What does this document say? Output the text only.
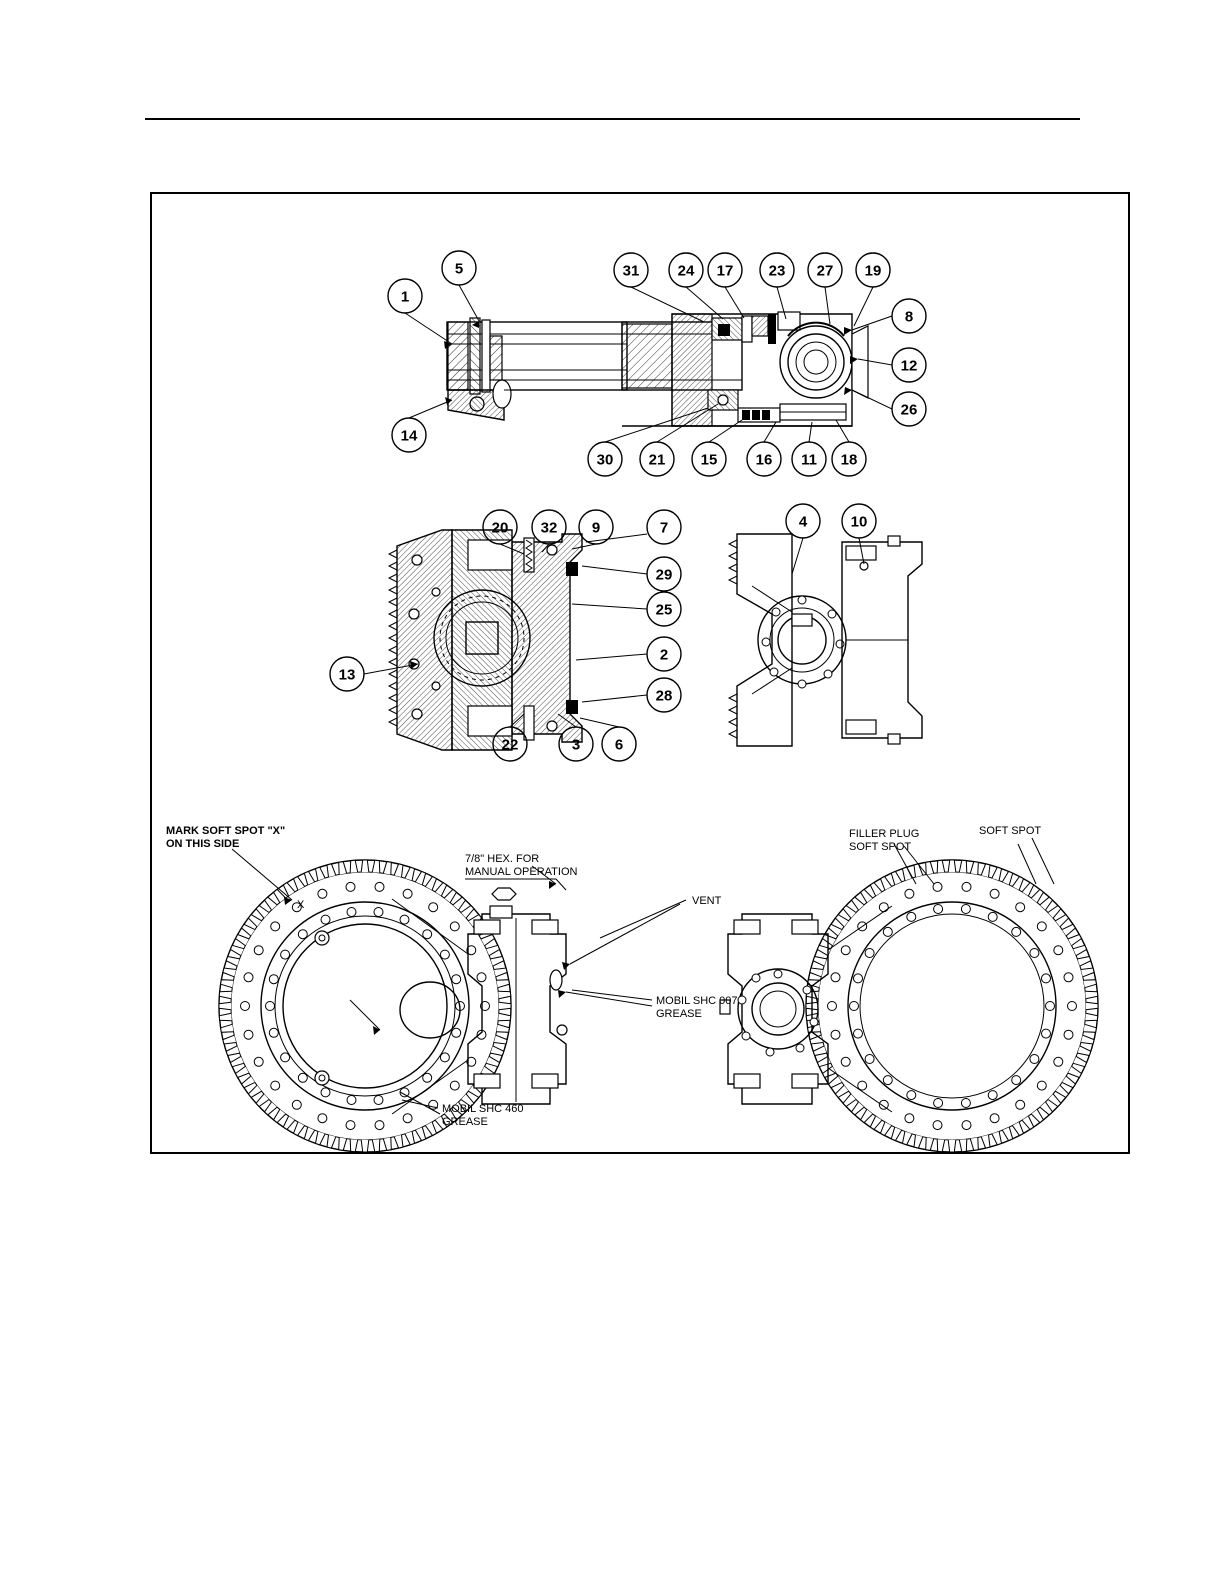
1
5
14
31	24 17 23 27 19
8
12
26
30 21 15	16 11 18
20 32 9	7
29
25
2
28
13
22	3 6
4	10
MARK SOFT SPOT "X"
ON THIS SIDE
7/8" HEX. FOR
MANUAL OPERATION
VENT
MOBIL SHC 007
GREASE
MOBIL SHC 460
GREASE
FILLER PLUG
SOFT SPOT
SOFT SPOT
X
